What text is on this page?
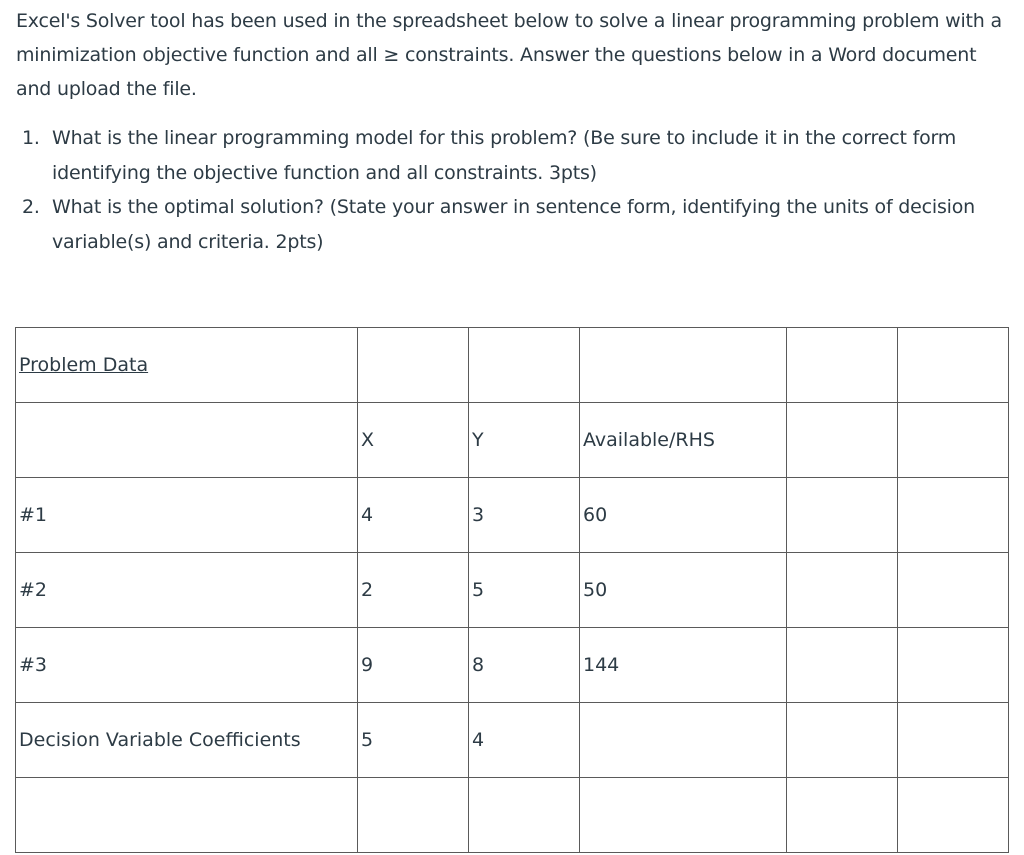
Excel's Solver tool has been used in the spreadsheet below to solve a linear programming problem with a minimization objective function and all ≥ constraints. Answer the questions below in a Word document and upload the file.

1. What is the linear programming model for this problem? (Be sure to include it in the correct form identifying the objective function and all constraints. 3pts)
2. What is the optimal solution? (State your answer in sentence form, identifying the units of decision variable(s) and criteria. 2pts)
Problem Data					
	X	Y	Available/RHS		
#1	4	3	60		
#2	2	5	50		
#3	9	8	144		
Decision Variable Coefficients	5	4			
